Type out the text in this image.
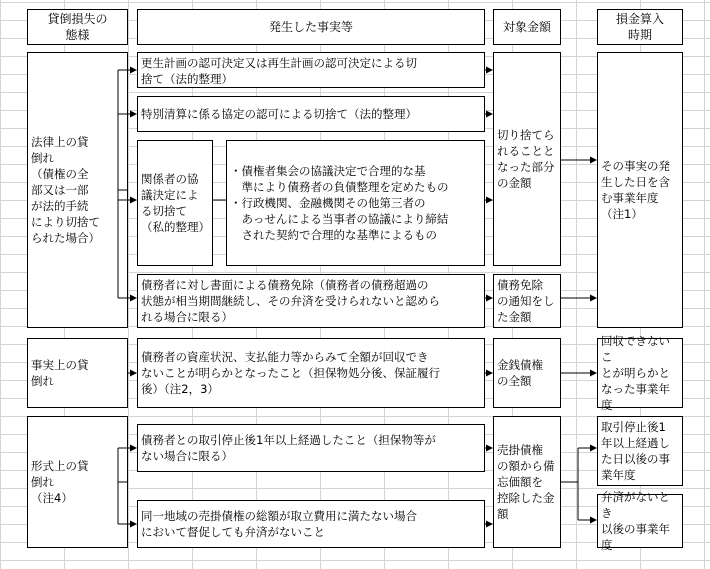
貸倒損失の
態様
発生した事実等	対象金額
損金算入
時期
法律上の貸
倒れ
（債権の全
部又は一部
が法的手続
により切捨て
られた場合）
更生計画の認可決定又は再生計画の認可決定による切
捨て（法的整理）
特別清算に係る協定の認可による切捨て（法的整理）
関係者の協
議決定によ
る切捨て
（私的整理）
・債権者集会の協議決定で合理的な基
　準により債務者の負債整理を定めたもの
・行政機関、金融機関その他第三者の
　あっせんによる当事者の協議により締結
　された契約で合理的な基準によるもの
債務者に対し書面による債務免除（債務者の債務超過の
状態が相当期間継続し、その弁済を受けられないと認めら
れる場合に限る）
切り捨てら
れることと
なった部分
の金額
債務免除
の通知をし
た金額
その事実の発
生した日を含
む事業年度
（注1）
事実上の貸
倒れ
債務者の資産状況、支払能力等からみて全額が回収でき
ないことが明らかとなったこと（担保物処分後、保証履行
後）（注2，3）
金銭債権
の全額
回収できないこ
とが明らかと
なった事業年
度
形式上の貸
倒れ
（注4）
債務者との取引停止後1年以上経過したこと（担保物等が
ない場合に限る）
同一地域の売掛債権の総額が取立費用に満たない場合
において督促しても弁済がないこと
売掛債権
の額から備
忘価額を
控除した金
額
取引停止後1
年以上経過し
た日以後の事
業年度
弁済がないとき
以後の事業年
度
